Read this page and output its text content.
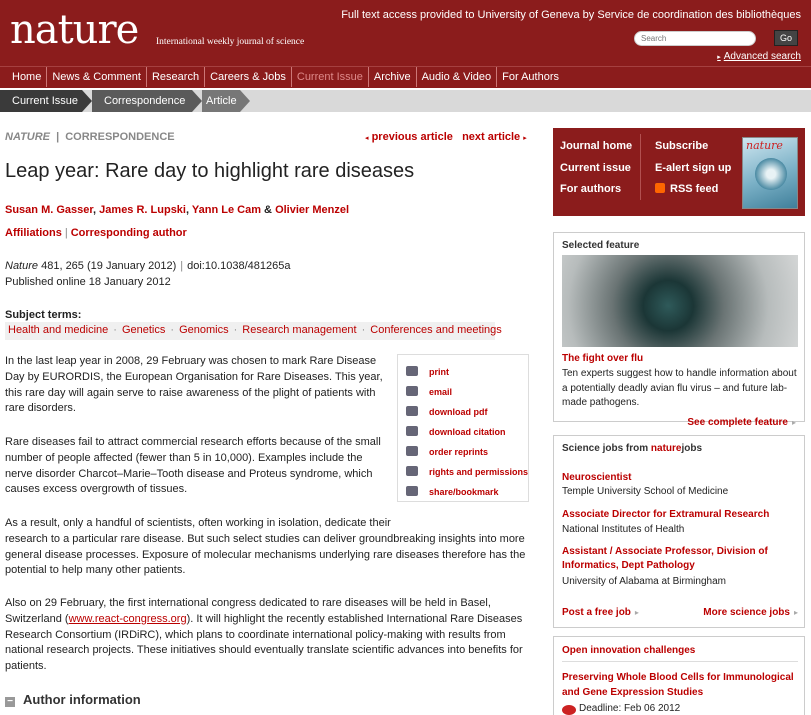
nature International weekly journal of science
Full text access provided to University of Geneva by Service de coordination des bibliothèques
Search
Go
▸ Advanced search
Home	News & Comment	Research	Careers & Jobs	Current Issue	Archive	Audio & Video	For Authors
Current Issue	Correspondence	Article
NATURE | CORRESPONDENCE	◂ previous article next article ▸
Leap year: Rare day to highlight rare diseases
Susan M. Gasser, James R. Lupski, Yann Le Cam & Olivier Menzel
Affiliations | Corresponding author
Nature 481, 265 (19 January 2012) | doi:10.1038/481265a
Published online 18 January 2012
Subject terms:
Health and medicine · Genetics · Genomics · Research management · Conferences and meetings
In the last leap year in 2008, 29 February was chosen to mark Rare Disease
Day by EURORDIS, the European Organisation for Rare Diseases. This year,
this rare day will again serve to raise awareness of the plight of patients with
rare disorders.
Rare diseases fail to attract commercial research efforts because of the small
number of people affected (fewer than 5 in 10,000). Examples include the
nerve disorder Charcot–Marie–Tooth disease and Proteus syndrome, which
causes excess overgrowth of tissues.
As a result, only a handful of scientists, often working in isolation, dedicate their
research to a particular rare disease. But such select studies can deliver groundbreaking insights into more
general disease processes. Exposure of molecular mechanisms underlying rare diseases therefore has the
potential to help many other patients.
Also on 29 February, the first international congress dedicated to rare diseases will be held in Basel,
Switzerland (www.react-congress.org). It will highlight the recently established International Rare Diseases
Research Consortium (IRDiRC), which plans to coordinate international policy-making with results from
national research projects. These initiatives should eventually translate scientific advances into benefits for
patients.
print
email
download pdf
download citation
order reprints
rights and permissions
share/bookmark
− Author information
Journal home
Current issue
For authors
Subscribe
E-alert sign up
RSS feed
nature
Selected feature
The fight over flu
Ten experts suggest how to handle information about a potentially deadly avian flu virus – and future lab-made pathogens.
See complete feature ▸
Science jobs from naturejobs
Neuroscientist
Temple University School of Medicine
Associate Director for Extramural Research
National Institutes of Health
Assistant / Associate Professor, Division of Informatics, Dept Pathology
University of Alabama at Birmingham
Post a free job ▸	More science jobs ▸
Open innovation challenges
Preserving Whole Blood Cells for Immunological and Gene Expression Studies
Deadline: Feb 06 2012
